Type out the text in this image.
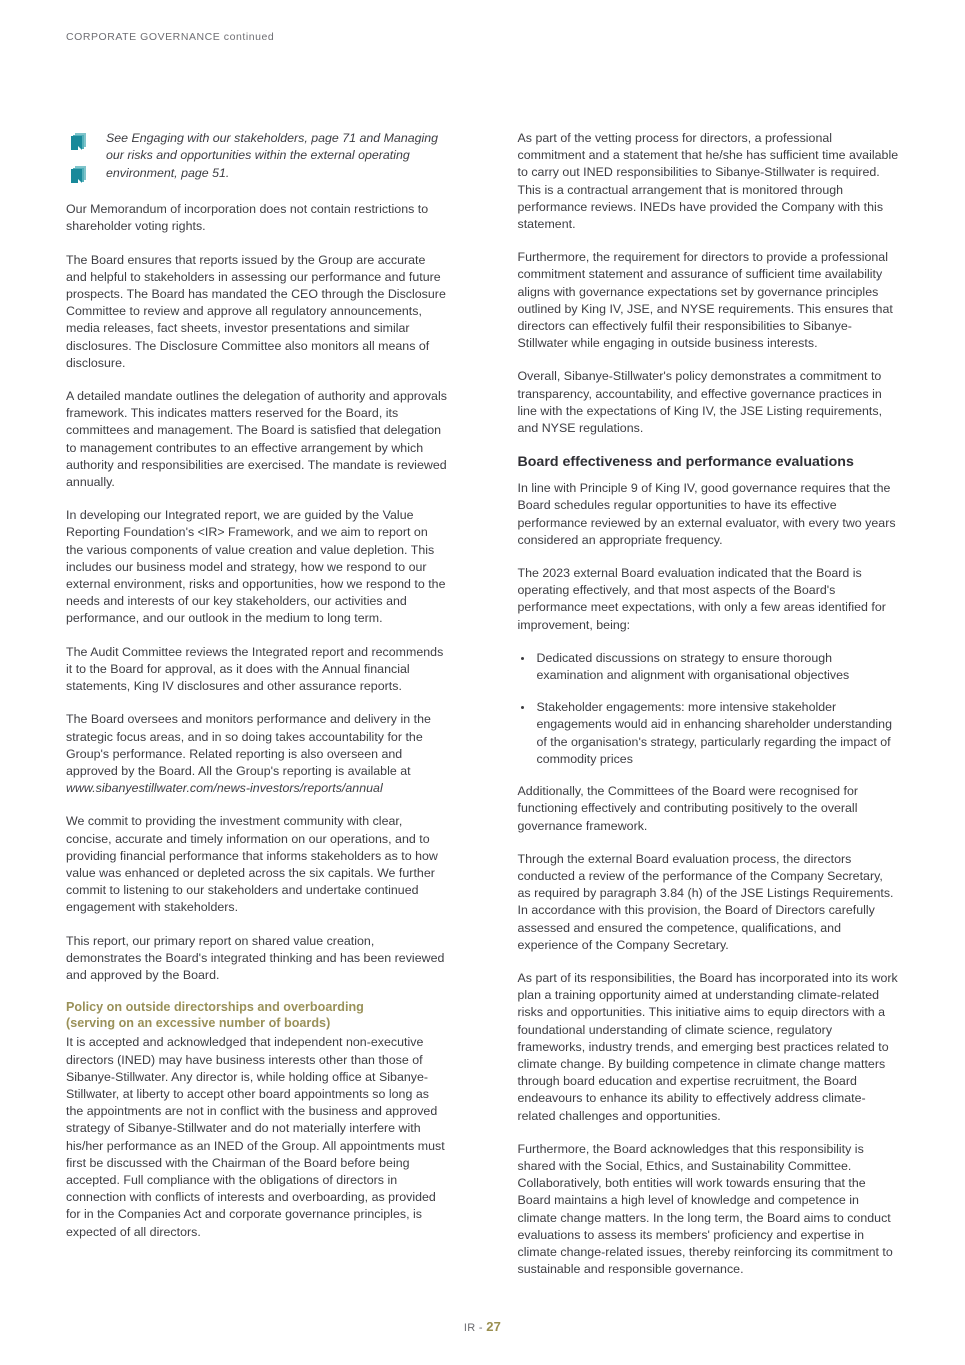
CORPORATE GOVERNANCE continued

See Engaging with our stakeholders, page 71 and Managing our risks and opportunities within the external operating environment, page 51.

Our Memorandum of incorporation does not contain restrictions to shareholder voting rights.

The Board ensures that reports issued by the Group are accurate and helpful to stakeholders in assessing our performance and future prospects. The Board has mandated the CEO through the Disclosure Committee to review and approve all regulatory announcements, media releases, fact sheets, investor presentations and similar disclosures. The Disclosure Committee also monitors all means of disclosure.

A detailed mandate outlines the delegation of authority and approvals framework. This indicates matters reserved for the Board, its committees and management. The Board is satisfied that delegation to management contributes to an effective arrangement by which authority and responsibilities are exercised. The mandate is reviewed annually.

In developing our Integrated report, we are guided by the Value Reporting Foundation's <IR> Framework, and we aim to report on the various components of value creation and value depletion. This includes our business model and strategy, how we respond to our external environment, risks and opportunities, how we respond to the needs and interests of our key stakeholders, our activities and performance, and our outlook in the medium to long term.

The Audit Committee reviews the Integrated report and recommends it to the Board for approval, as it does with the Annual financial statements, King IV disclosures and other assurance reports.

The Board oversees and monitors performance and delivery in the strategic focus areas, and in so doing takes accountability for the Group's performance. Related reporting is also overseen and approved by the Board. All the Group's reporting is available at www.sibanyestillwater.com/news-investors/reports/annual

We commit to providing the investment community with clear, concise, accurate and timely information on our operations, and to providing financial performance that informs stakeholders as to how value was enhanced or depleted across the six capitals. We further commit to listening to our stakeholders and undertake continued engagement with stakeholders.

This report, our primary report on shared value creation, demonstrates the Board's integrated thinking and has been reviewed and approved by the Board.

Policy on outside directorships and overboarding
(serving on an excessive number of boards)

It is accepted and acknowledged that independent non-executive directors (INED) may have business interests other than those of Sibanye-Stillwater. Any director is, while holding office at Sibanye-Stillwater, at liberty to accept other board appointments so long as the appointments are not in conflict with the business and approved strategy of Sibanye-Stillwater and do not materially interfere with his/her performance as an INED of the Group. All appointments must first be discussed with the Chairman of the Board before being accepted. Full compliance with the obligations of directors in connection with conflicts of interests and overboarding, as provided for in the Companies Act and corporate governance principles, is expected of all directors.

As part of the vetting process for directors, a professional commitment and a statement that he/she has sufficient time available to carry out INED responsibilities to Sibanye-Stillwater is required. This is a contractual arrangement that is monitored through performance reviews. INEDs have provided the Company with this statement.

Furthermore, the requirement for directors to provide a professional commitment statement and assurance of sufficient time availability aligns with governance expectations set by governance principles outlined by King IV, JSE, and NYSE requirements. This ensures that directors can effectively fulfil their responsibilities to Sibanye-Stillwater while engaging in outside business interests.

Overall, Sibanye-Stillwater's policy demonstrates a commitment to transparency, accountability, and effective governance practices in line with the expectations of King IV, the JSE Listing requirements, and NYSE regulations.

Board effectiveness and performance evaluations

In line with Principle 9 of King IV, good governance requires that the Board schedules regular opportunities to have its effective performance reviewed by an external evaluator, with every two years considered an appropriate frequency.

The 2023 external Board evaluation indicated that the Board is operating effectively, and that most aspects of the Board's performance meet expectations, with only a few areas identified for improvement, being:

Dedicated discussions on strategy to ensure thorough examination and alignment with organisational objectives
Stakeholder engagements: more intensive stakeholder engagements would aid in enhancing shareholder understanding of the organisation's strategy, particularly regarding the impact of commodity prices

Additionally, the Committees of the Board were recognised for functioning effectively and contributing positively to the overall governance framework.

Through the external Board evaluation process, the directors conducted a review of the performance of the Company Secretary, as required by paragraph 3.84 (h) of the JSE Listings Requirements. In accordance with this provision, the Board of Directors carefully assessed and ensured the competence, qualifications, and experience of the Company Secretary.

As part of its responsibilities, the Board has incorporated into its work plan a training opportunity aimed at understanding climate-related risks and opportunities. This initiative aims to equip directors with a foundational understanding of climate science, regulatory frameworks, industry trends, and emerging best practices related to climate change. By building competence in climate change matters through board education and expertise recruitment, the Board endeavours to enhance its ability to effectively address climate-related challenges and opportunities.

Furthermore, the Board acknowledges that this responsibility is shared with the Social, Ethics, and Sustainability Committee. Collaboratively, both entities will work towards ensuring that the Board maintains a high level of knowledge and competence in climate change matters. In the long term, the Board aims to conduct evaluations to assess its members' proficiency and expertise in climate change-related issues, thereby reinforcing its commitment to sustainable and responsible governance.

IR - 27
